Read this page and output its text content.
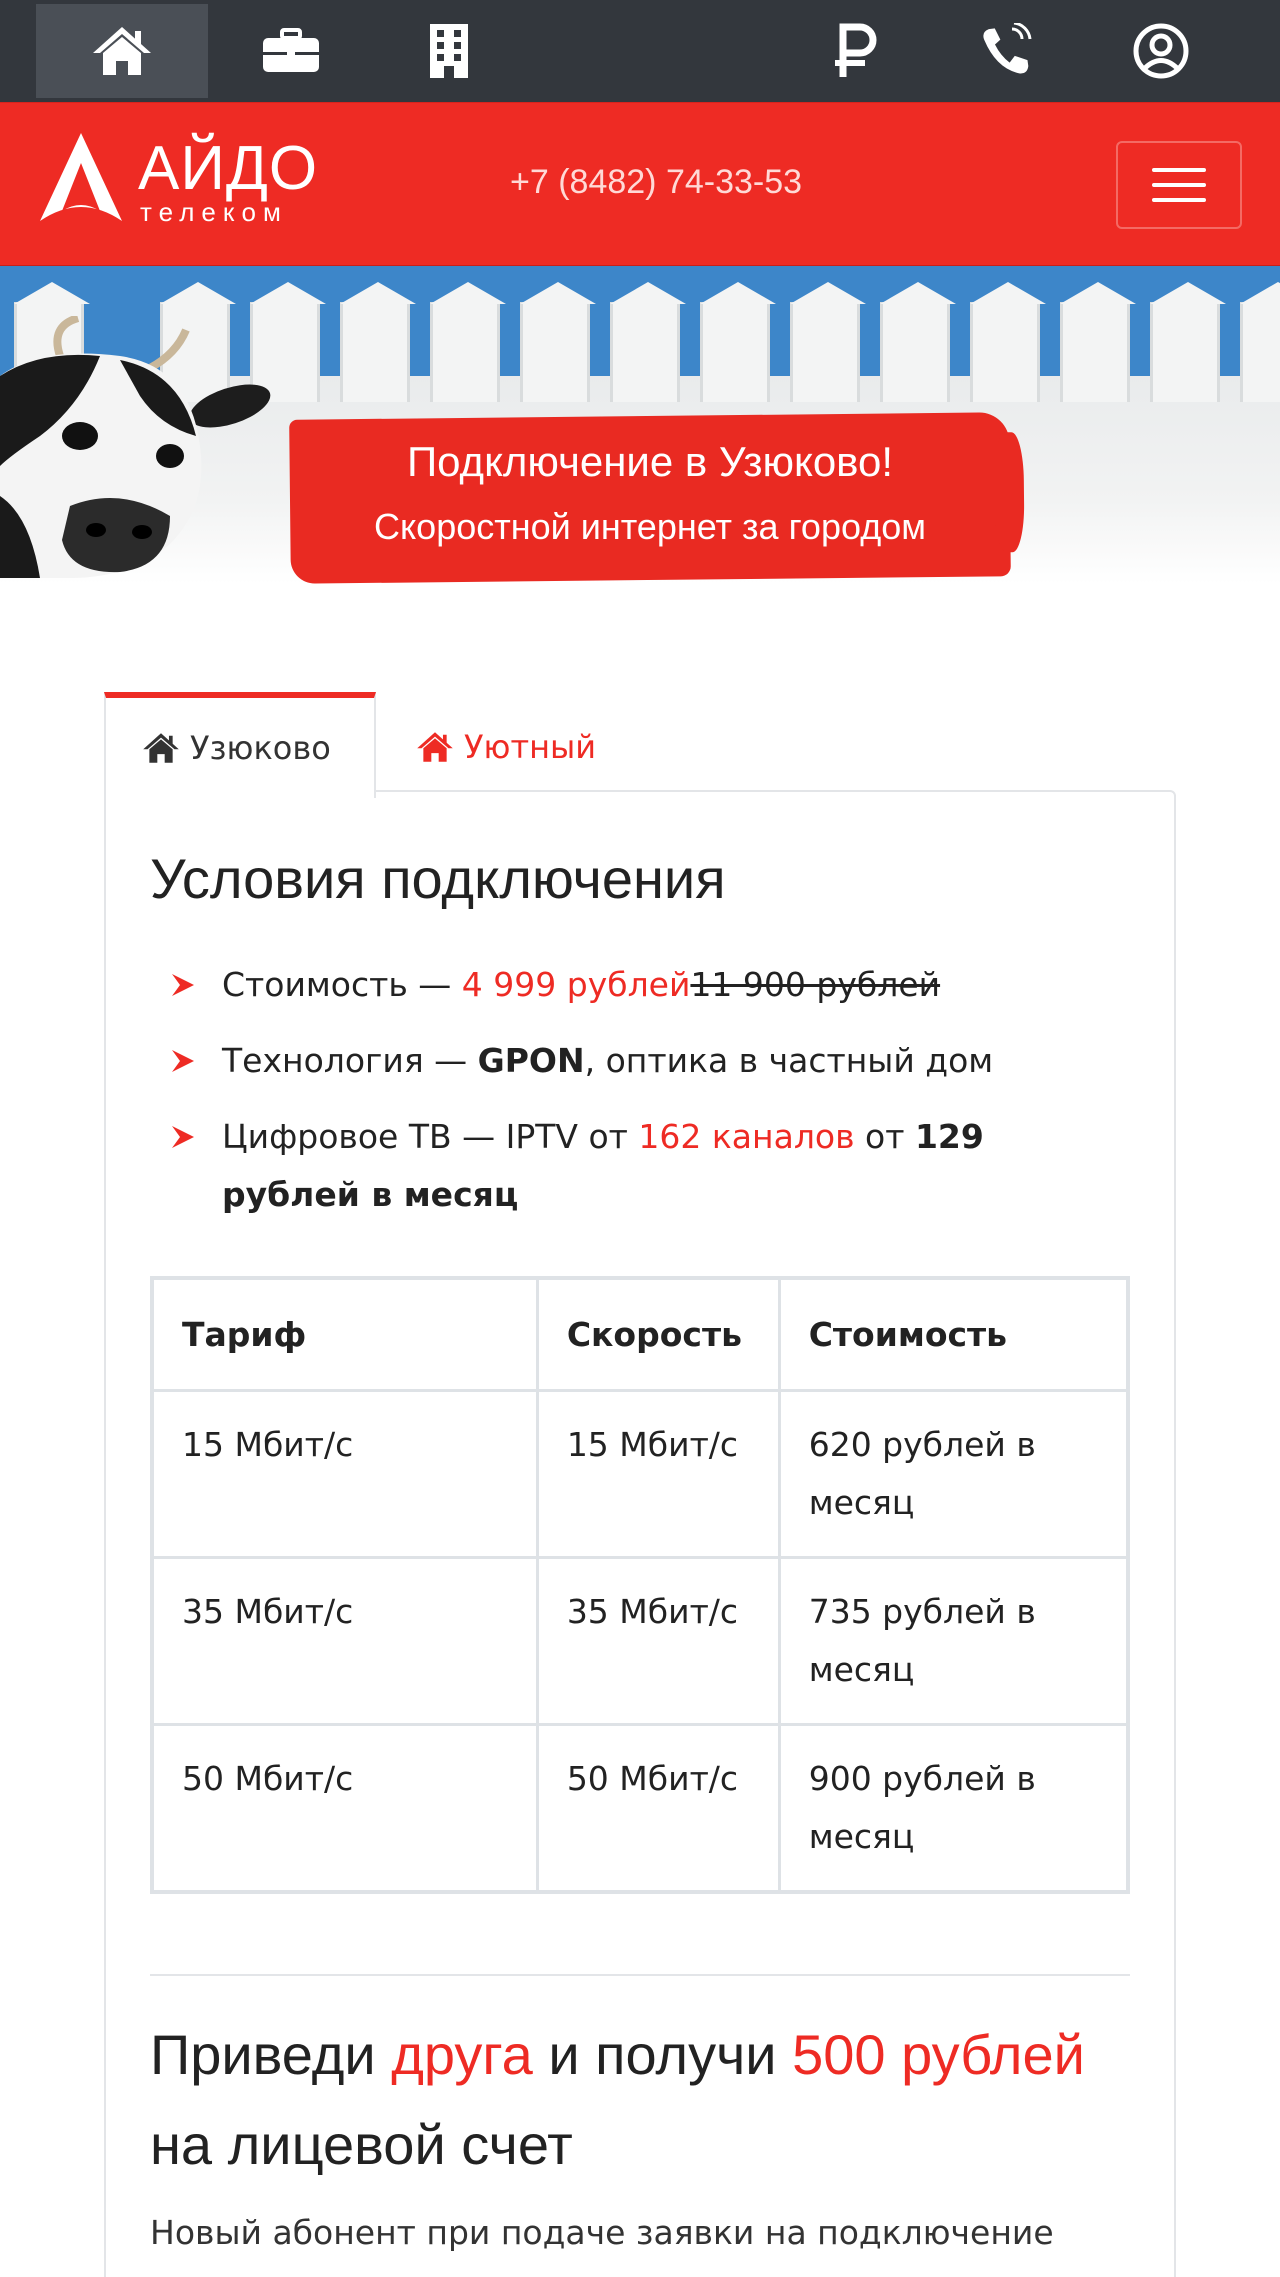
АЙДО
телеком
+7 (8482) 74-33-53
Подключение в Узюково!
Скоростной интернет за городом
Узюково	Уютный
Условия подключения
Стоимость — 4 999 рублей11 900 рублей
Технология — GPON, оптика в частный дом
Цифровое ТВ — IPTV от 162 каналов от 129 рублей в месяц
Тариф	Скорость	Стоимость
15 Мбит/с	15 Мбит/с	620 рублей в месяц
35 Мбит/с	35 Мбит/с	735 рублей в месяц
50 Мбит/с	50 Мбит/с	900 рублей в месяц
Приведи друга и получи 500 рублей на лицевой счет
Новый абонент при подаче заявки на подключение
